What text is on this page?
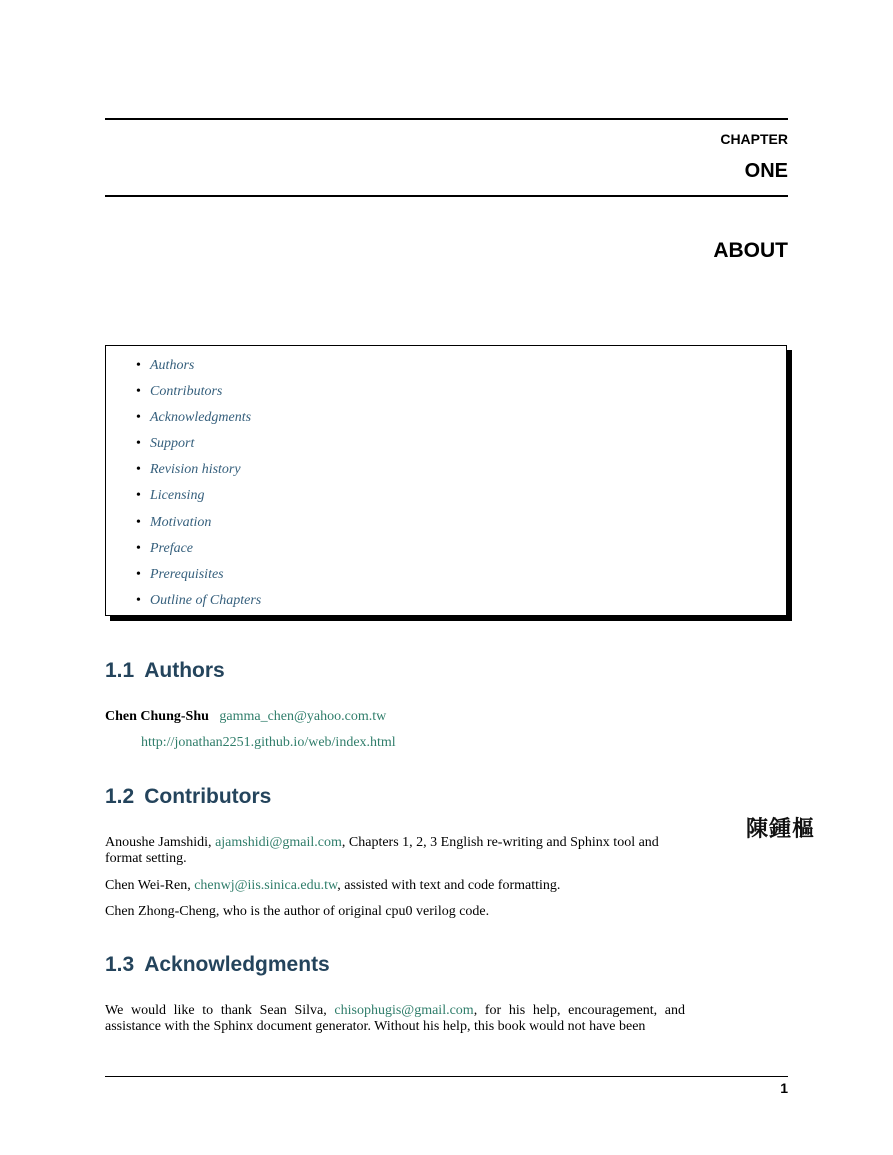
CHAPTER
ONE
ABOUT
• Authors
• Contributors
• Acknowledgments
• Support
• Revision history
• Licensing
• Motivation
• Preface
• Prerequisites
• Outline of Chapters
1.1 Authors
Chen Chung-Shu gamma_chen@yahoo.com.tw
http://jonathan2251.github.io/web/index.html
1.2 Contributors
陳鍾樞
Anoushe Jamshidi, ajamshidi@gmail.com, Chapters 1, 2, 3 English re-writing and Sphinx tool and format setting.
Chen Wei-Ren, chenwj@iis.sinica.edu.tw, assisted with text and code formatting.
Chen Zhong-Cheng, who is the author of original cpu0 verilog code.
1.3 Acknowledgments
We would like to thank Sean Silva, chisophugis@gmail.com, for his help, encouragement, and assistance with the Sphinx document generator. Without his help, this book would not have been
1
